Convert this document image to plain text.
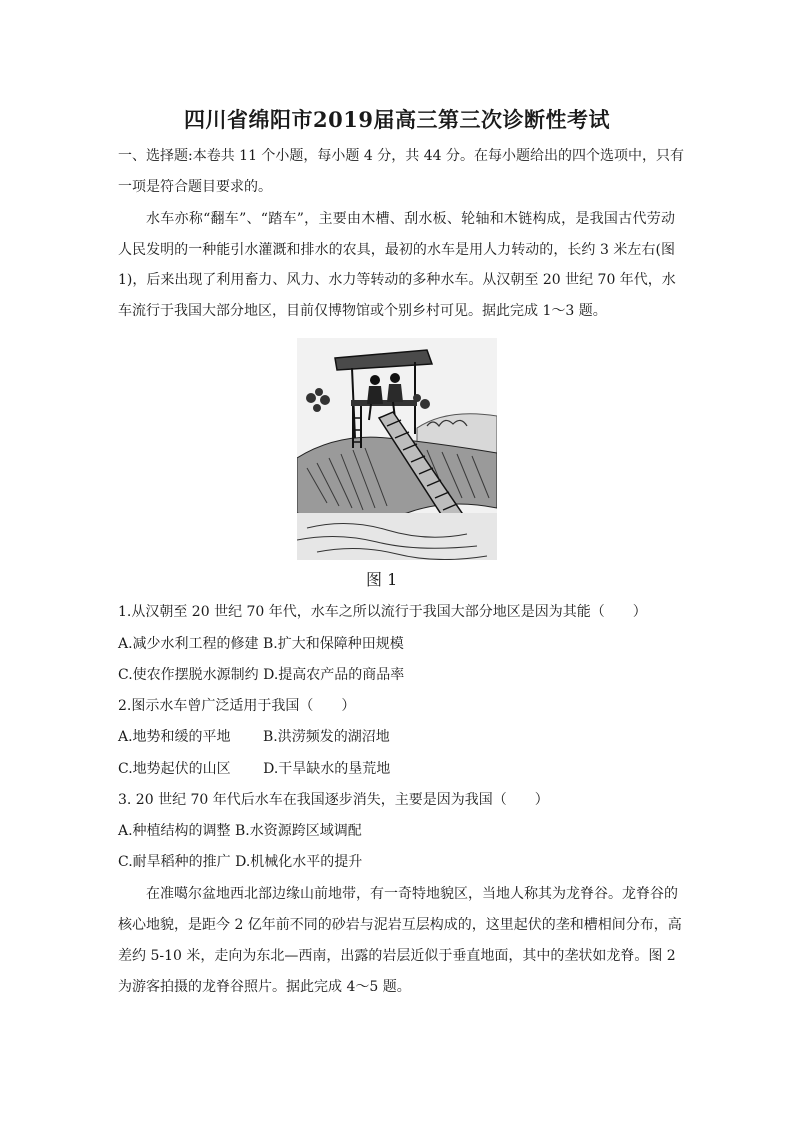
四川省绵阳市2019届高三第三次诊断性考试
一、选择题:本卷共 11 个小题，每小题 4 分，共 44 分。在每小题给出的四个选项中，只有
一项是符合题目要求的。
水车亦称“翻车”、“踏车”，主要由木槽、刮水板、轮轴和木链构成，是我国古代劳动
人民发明的一种能引水灌溉和排水的农具，最初的水车是用人力转动的，长约 3 米左右(图
1)，后来出现了利用畜力、风力、水力等转动的多种水车。从汉朝至 20 世纪 70 年代，水
车流行于我国大部分地区，目前仅博物馆或个别乡村可见。据此完成 1～3 题。
图 1
1.从汉朝至 20 世纪 70 年代，水车之所以流行于我国大部分地区是因为其能（　　）
A.减少水利工程的修建 B.扩大和保障种田规模
C.使农作摆脱水源制约 D.提高农产品的商品率
2.图示水车曾广泛适用于我国（　　）
A.地势和缓的平地　　 B.洪涝频发的湖沼地
C.地势起伏的山区　　 D.干旱缺水的垦荒地
3. 20 世纪 70 年代后水车在我国逐步消失，主要是因为我国（　　）
A.种植结构的调整 B.水资源跨区域调配
C.耐旱稻种的推广 D.机械化水平的提升
在准噶尔盆地西北部边缘山前地带，有一奇特地貌区，当地人称其为龙脊谷。龙脊谷的
核心地貌，是距今 2 亿年前不同的砂岩与泥岩互层构成的，这里起伏的垄和槽相间分布，高
差约 5-10 米，走向为东北—西南，出露的岩层近似于垂直地面，其中的垄状如龙脊。图 2
为游客拍摄的龙脊谷照片。据此完成 4～5 题。
